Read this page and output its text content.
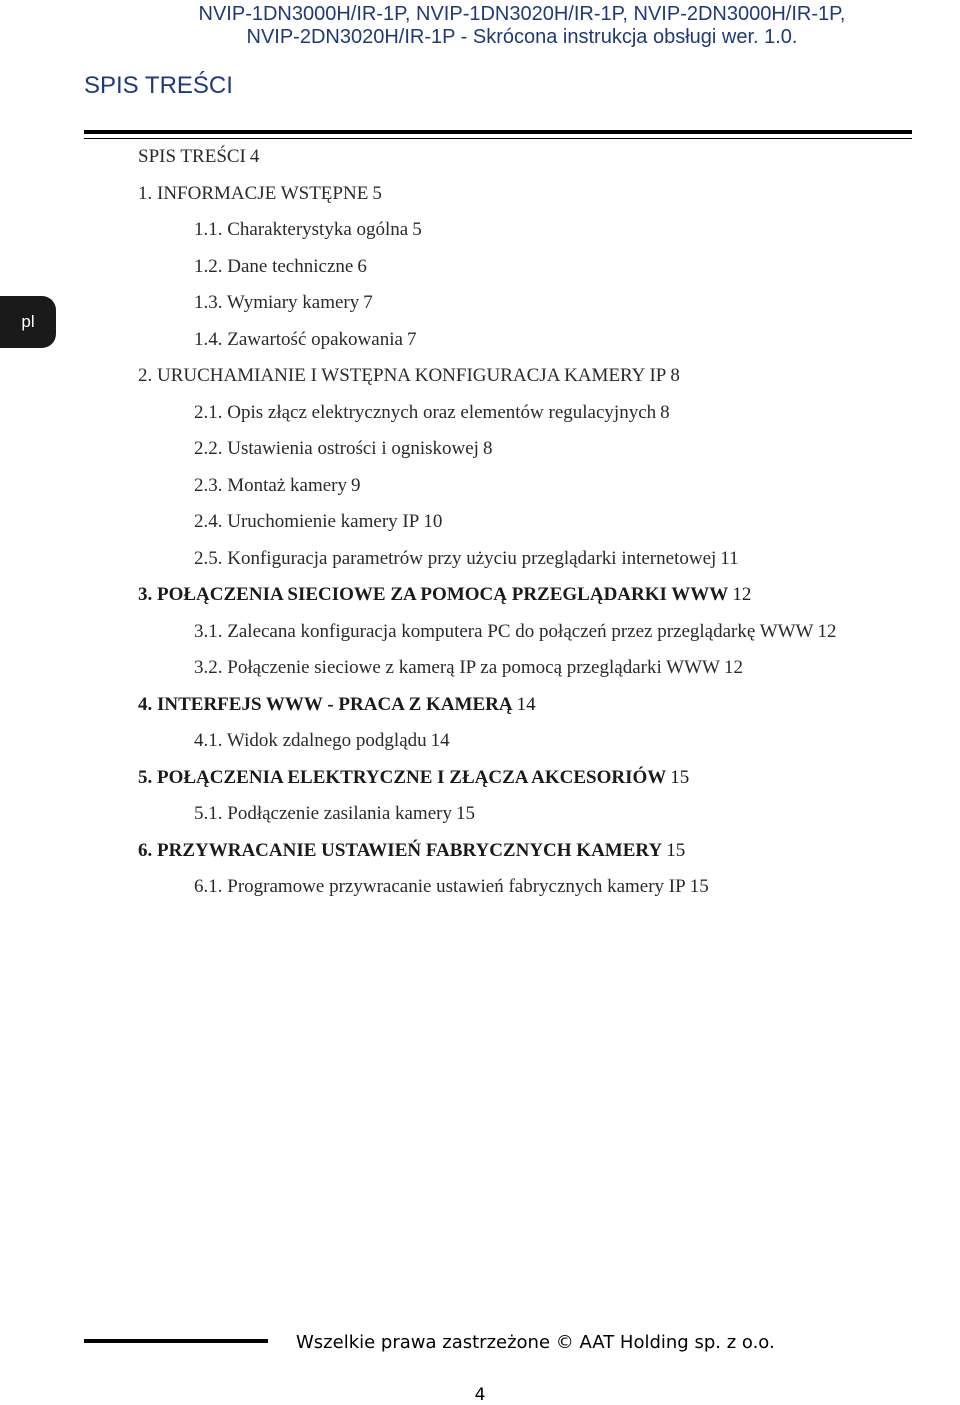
NVIP-1DN3000H/IR-1P, NVIP-1DN3020H/IR-1P, NVIP-2DN3000H/IR-1P,
NVIP-2DN3020H/IR-1P - Skrócona instrukcja obsługi wer. 1.0.
SPIS TREŚCI
pl
SPIS TREŚCI 4
1. INFORMACJE WSTĘPNE 5
1.1. Charakterystyka ogólna 5
1.2. Dane techniczne 6
1.3. Wymiary kamery 7
1.4. Zawartość opakowania 7
2. URUCHAMIANIE I WSTĘPNA KONFIGURACJA KAMERY IP 8
2.1. Opis złącz elektrycznych oraz elementów regulacyjnych 8
2.2. Ustawienia ostrości i ogniskowej 8
2.3. Montaż kamery 9
2.4. Uruchomienie kamery IP 10
2.5. Konfiguracja parametrów przy użyciu przeglądarki internetowej 11
3. POŁĄCZENIA SIECIOWE ZA POMOCĄ PRZEGLĄDARKI WWW 12
3.1. Zalecana konfiguracja komputera PC do połączeń przez przeglądarkę WWW 12
3.2. Połączenie sieciowe z kamerą IP za pomocą przeglądarki WWW 12
4. INTERFEJS WWW - PRACA Z KAMERĄ 14
4.1. Widok zdalnego podglądu 14
5. POŁĄCZENIA ELEKTRYCZNE I ZŁĄCZA AKCESORIÓW 15
5.1. Podłączenie zasilania kamery 15
6. PRZYWRACANIE USTAWIEŃ FABRYCZNYCH KAMERY 15
6.1. Programowe przywracanie ustawień fabrycznych kamery IP 15
Wszelkie prawa zastrzeżone © AAT Holding sp. z o.o.
4
